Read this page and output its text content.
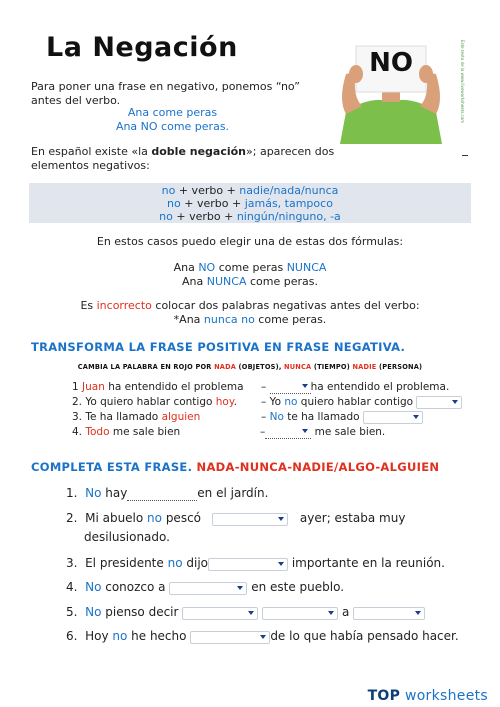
La Negación
Para poner una frase en negativo, ponemos “no”
antes del verbo.
Ana come peras
Ana NO come peras.
NO	Este texto de la www.liveworksheets.com
En español existe «la doble negación»; aparecen dos
elementos negativos:
no + verbo + nadie/nada/nunca
no + verbo + jamás, tampoco
no + verbo + ningún/ninguno, -a
En estos casos puedo elegir una de estas dos fórmulas:
Ana NO come peras NUNCA
Ana NUNCA come peras.
Es incorrecto colocar dos palabras negativas antes del verbo:
*Ana nunca no come peras.
TRANSFORMA LA FRASE POSITIVA EN FRASE NEGATIVA.
CAMBIA LA PALABRA EN ROJO POR NADA (OBJETOS), NUNCA (TIEMPO) NADIE (PERSONA)
1 Juan ha entendido el problema –	ha entendido el problema.
2. Yo quiero hablar contigo hoy. – Yo no quiero hablar contigo
3. Te ha llamado alguien	– No te ha llamado
4. Todo me sale bien	–	me sale bien.
COMPLETA ESTA FRASE. NADA-NUNCA-NADIE/ALGO-ALGUIEN
1. No hay	en el jardín.
2. Mi abuelo no pescó	ayer; estaba muy
desilusionado.
3. El presidente no dijo	importante en la reunión.
4. No conozco a	en este pueblo.
5. No pienso decir
	a
6. Hoy no he hecho	de lo que había pensado hacer.
TOP worksheets
